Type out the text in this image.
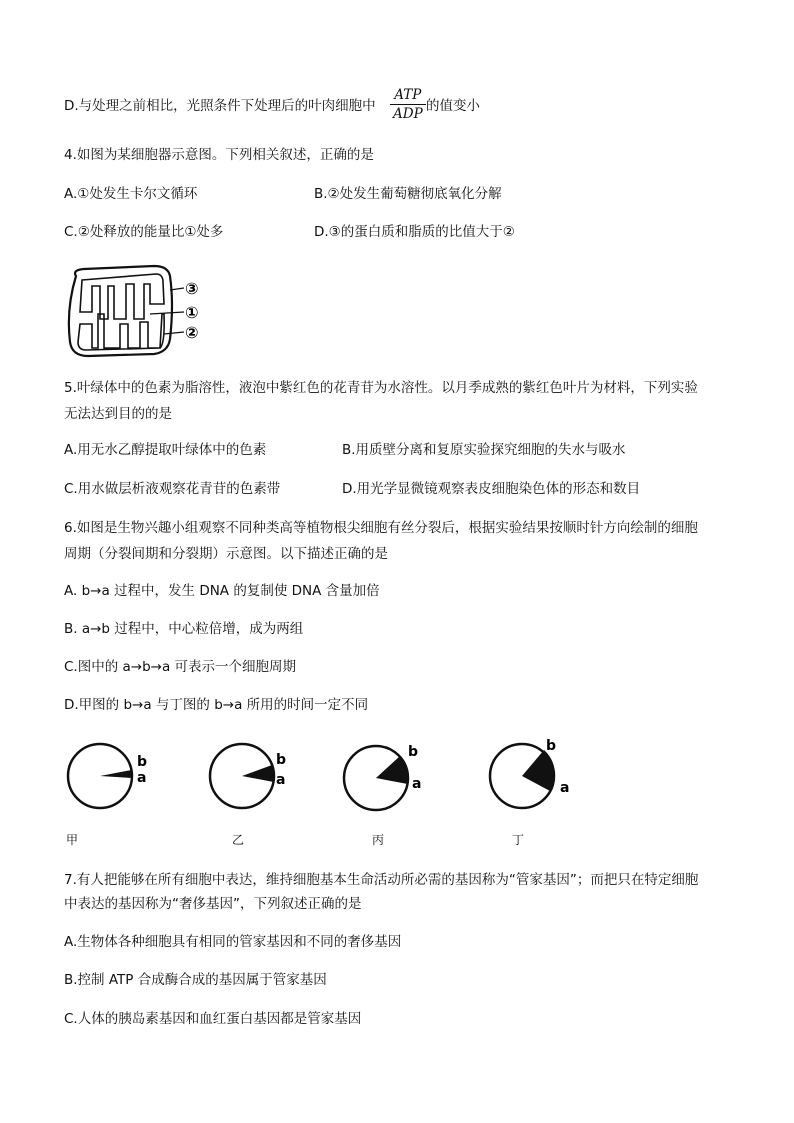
D.与处理之前相比，光照条件下处理后的叶肉细胞中
ATP
ADP 的值变小
4.如图为某细胞器示意图。下列相关叙述，正确的是
A.①处发生卡尔文循环	B.②处发生葡萄糖彻底氧化分解
C.②处释放的能量比①处多	D.③的蛋白质和脂质的比值大于②
③
①
②
5.叶绿体中的色素为脂溶性，液泡中紫红色的花青苷为水溶性。以月季成熟的紫红色叶片为材料，下列实验
无法达到目的的是
A.用无水乙醇提取叶绿体中的色素	B.用质壁分离和复原实验探究细胞的失水与吸水
C.用水做层析液观察花青苷的色素带	D.用光学显微镜观察表皮细胞染色体的形态和数目
6.如图是生物兴趣小组观察不同种类高等植物根尖细胞有丝分裂后，根据实验结果按顺时针方向绘制的细胞
周期（分裂间期和分裂期）示意图。以下描述正确的是
A. b→a 过程中，发生 DNA 的复制使 DNA 含量加倍
B. a→b 过程中，中心粒倍增，成为两组
C.图中的 a→b→a 可表示一个细胞周期
D.甲图的 b→a 与丁图的 b→a 所用的时间一定不同
b
a
b
a
b
a
b
a
甲	乙	丙	丁
7.有人把能够在所有细胞中表达，维持细胞基本生命活动所必需的基因称为“管家基因”；而把只在特定细胞
中表达的基因称为“奢侈基因”，下列叙述正确的是
A.生物体各种细胞具有相同的管家基因和不同的奢侈基因
B.控制 ATP 合成酶合成的基因属于管家基因
C.人体的胰岛素基因和血红蛋白基因都是管家基因
